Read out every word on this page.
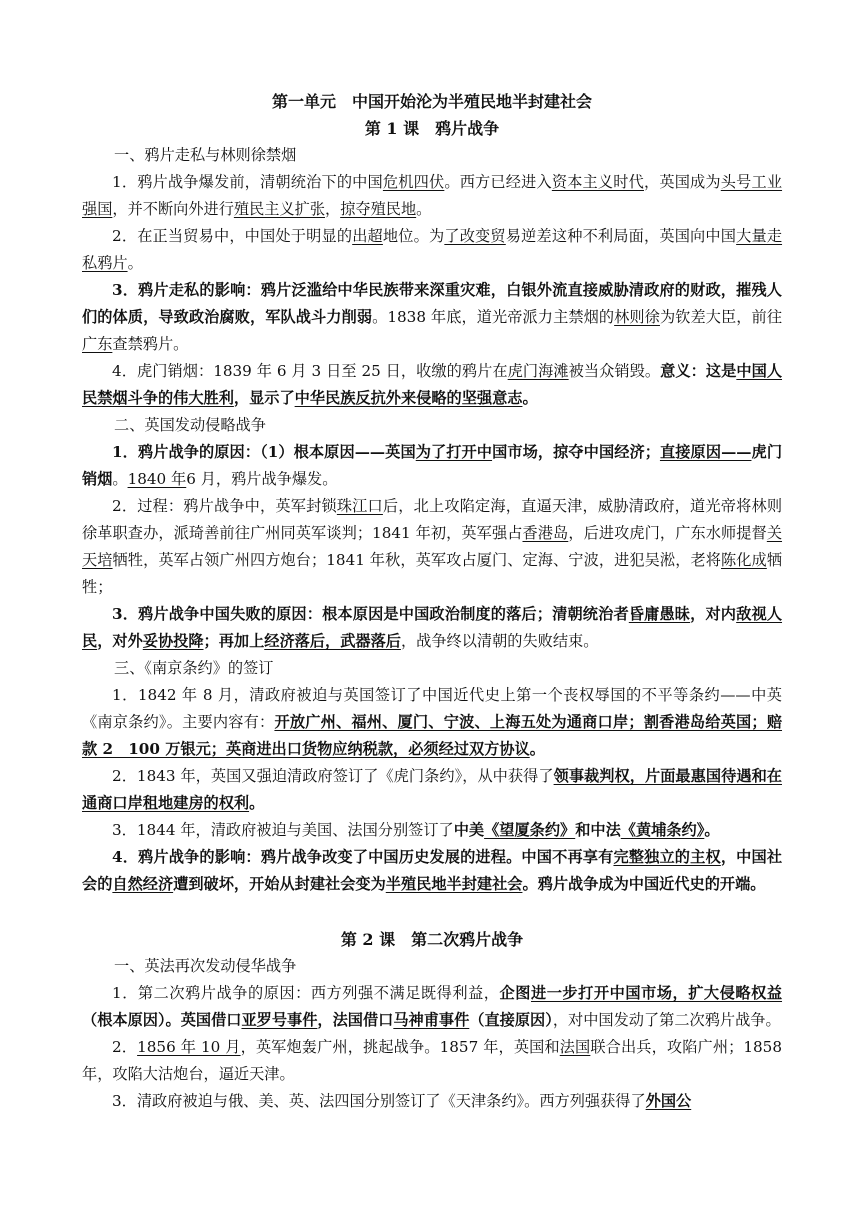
第一单元　中国开始沦为半殖民地半封建社会
第 1 课　鸦片战争
一、鸦片走私与林则徐禁烟
1．鸦片战争爆发前，清朝统治下的中国危机四伏。西方已经进入资本主义时代，英国成为头号工业强国，并不断向外进行殖民主义扩张，掠夺殖民地。
2．在正当贸易中，中国处于明显的出超地位。为了改变贸易逆差这种不利局面，英国向中国大量走私鸦片。
3．鸦片走私的影响：鸦片泛滥给中华民族带来深重灾难，白银外流直接威胁清政府的财政，摧残人们的体质，导致政治腐败，军队战斗力削弱。1838 年底，道光帝派力主禁烟的林则徐为钦差大臣，前往广东查禁鸦片。
4．虎门销烟：1839 年 6 月 3 日至 25 日，收缴的鸦片在虎门海滩被当众销毁。意义：这是中国人民禁烟斗争的伟大胜利，显示了中华民族反抗外来侵略的坚强意志。
二、英国发动侵略战争
1．鸦片战争的原因：（1）根本原因——英国为了打开中国市场，掠夺中国经济；直接原因——虎门销烟。1840 年6 月，鸦片战争爆发。
2．过程：鸦片战争中，英军封锁珠江口后，北上攻陷定海，直逼天津，威胁清政府，道光帝将林则徐革职查办，派琦善前往广州同英军谈判；1841 年初，英军强占香港岛，后进攻虎门，广东水师提督关天培牺牲，英军占领广州四方炮台；1841 年秋，英军攻占厦门、定海、宁波，进犯吴淞，老将陈化成牺牲；
3．鸦片战争中国失败的原因：根本原因是中国政治制度的落后；清朝统治者昏庸愚昧，对内敌视人民，对外妥协投降；再加上经济落后，武器落后，战争终以清朝的失败结束。
三、《南京条约》的签订
1．1842 年 8 月，清政府被迫与英国签订了中国近代史上第一个丧权辱国的不平等条约——中英《南京条约》。主要内容有：开放广州、福州、厦门、宁波、上海五处为通商口岸；割香港岛给英国；赔款 2　100 万银元；英商进出口货物应纳税款，必须经过双方协议。
2．1843 年，英国又强迫清政府签订了《虎门条约》，从中获得了领事裁判权，片面最惠国待遇和在通商口岸租地建房的权利。
3．1844 年，清政府被迫与美国、法国分别签订了中美《望厦条约》和中法《黄埔条约》。
4．鸦片战争的影响：鸦片战争改变了中国历史发展的进程。中国不再享有完整独立的主权，中国社会的自然经济遭到破坏，开始从封建社会变为半殖民地半封建社会。鸦片战争成为中国近代史的开端。
第 2 课　第二次鸦片战争
一、英法再次发动侵华战争
1．第二次鸦片战争的原因：西方列强不满足既得利益，企图进一步打开中国市场，扩大侵略权益（根本原因）。英国借口亚罗号事件，法国借口马神甫事件（直接原因），对中国发动了第二次鸦片战争。
2．1856 年 10 月，英军炮轰广州，挑起战争。1857 年，英国和法国联合出兵，攻陷广州；1858 年，攻陷大沽炮台，逼近天津。
3．清政府被迫与俄、美、英、法四国分别签订了《天津条约》。西方列强获得了外国公
